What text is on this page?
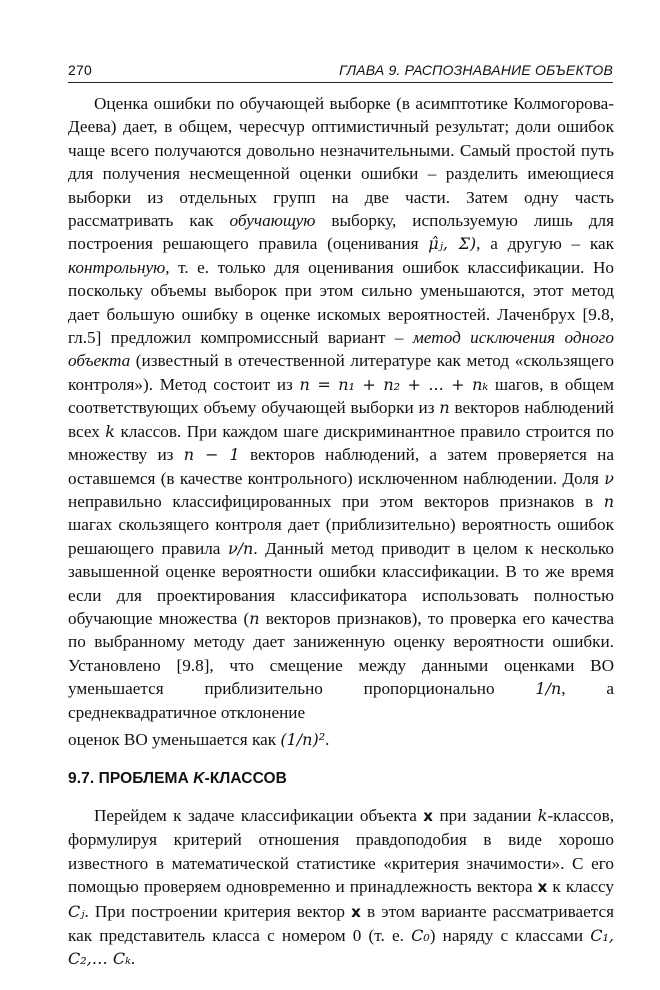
270	ГЛАВА 9. РАСПОЗНАВАНИЕ ОБЪЕКТОВ

Оценка ошибки по обучающей выборке (в асимптотике Колмогорова-Деева) дает, в общем, чересчур оптимистичный результат; доли ошибок чаще всего получаются довольно незначительными. Самый простой путь для получения несмещенной оценки ошибки – разделить имеющиеся выборки из отдельных групп на две части. Затем одну часть рассматривать как обучающую выборку, используемую лишь для построения решающего правила (оценивания μ̂ⱼ, Σ), а другую – как контрольную, т. е. только для оценивания ошибок классификации. Но поскольку объемы выборок при этом сильно уменьшаются, этот метод дает большую ошибку в оценке искомых вероятностей. Лаченбрух [9.8, гл.5] предложил компромиссный вариант – метод исключения одного объекта (известный в отечественной литературе как метод «скользящего контроля»). Метод состоит из n = n₁ + n₂ + ... + nₖ шагов, в общем соответствующих объему обучающей выборки из n векторов наблюдений всех k классов. При каждом шаге дискриминантное правило строится по множеству из n − 1 векторов наблюдений, а затем проверяется на оставшемся (в качестве контрольного) исключенном наблюдении. Доля ν неправильно классифицированных при этом векторов признаков в n шагах скользящего контроля дает (приблизительно) вероятность ошибок решающего правила ν/n. Данный метод приводит в целом к несколько завышенной оценке вероятности ошибки классификации. В то же время если для проектирования классификатора использовать полностью обучающие множества (n векторов признаков), то проверка его качества по выбранному методу дает заниженную оценку вероятности ошибки. Установлено [9.8], что смещение между данными оценками ВО уменьшается приблизительно пропорционально 1/n, а среднеквадратичное отклонение

оценок ВО уменьшается как (1/n)².

9.7. ПРОБЛЕМА K-КЛАССОВ

Перейдем к задаче классификации объекта x при задании k-классов, формулируя критерий отношения правдоподобия в виде хорошо известного в математической статистике «критерия значимости». С его помощью проверяем одновременно и принадлежность вектора x к классу Cⱼ. При построении критерия вектор x в этом варианте рассматривается как представитель класса с номером 0 (т. е. C₀) наряду с классами C₁, C₂,… Cₖ.
